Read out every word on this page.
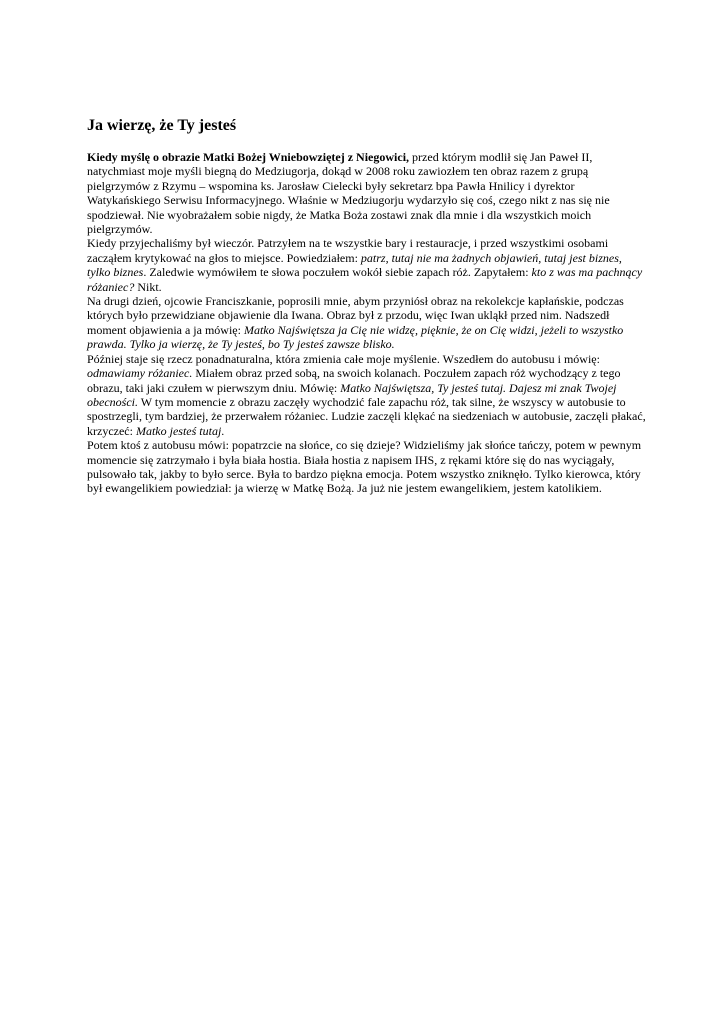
Ja wierzę, że Ty jesteś

Kiedy myślę o obrazie Matki Bożej Wniebowziętej z Niegowici, przed którym modlił się Jan Paweł II, natychmiast moje myśli biegną do Medziugorja, dokąd w 2008 roku zawiozłem ten obraz razem z grupą pielgrzymów z Rzymu – wspomina ks. Jarosław Cielecki były sekretarz bpa Pawła Hnilicy i dyrektor Watykańskiego Serwisu Informacyjnego. Właśnie w Medziugorju wydarzyło się coś, czego nikt z nas się nie spodziewał. Nie wyobrażałem sobie nigdy, że Matka Boża zostawi znak dla mnie i dla wszystkich moich pielgrzymów.

Kiedy przyjechaliśmy był wieczór. Patrzyłem na te wszystkie bary i restauracje, i przed wszystkimi osobami zacząłem krytykować na głos to miejsce. Powiedziałem: patrz, tutaj nie ma żadnych objawień, tutaj jest biznes, tylko biznes. Zaledwie wymówiłem te słowa poczułem wokół siebie zapach róż. Zapytałem: kto z was ma pachnący różaniec? Nikt.

Na drugi dzień, ojcowie Franciszkanie, poprosili mnie, abym przyniósł obraz na rekolekcje kapłańskie, podczas których było przewidziane objawienie dla Iwana. Obraz był z przodu, więc Iwan ukląkł przed nim. Nadszedł moment objawienia a ja mówię: Matko Najświętsza ja Cię nie widzę, pięknie, że on Cię widzi, jeżeli to wszystko prawda. Tylko ja wierzę, że Ty jesteś, bo Ty jesteś zawsze blisko.

Później staje się rzecz ponadnaturalna, która zmienia całe moje myślenie. Wszedłem do autobusu i mówię: odmawiamy różaniec. Miałem obraz przed sobą, na swoich kolanach. Poczułem zapach róż wychodzący z tego obrazu, taki jaki czułem w pierwszym dniu. Mówię: Matko Najświętsza, Ty jesteś tutaj. Dajesz mi znak Twojej obecności. W tym momencie z obrazu zaczęły wychodzić fale zapachu róż, tak silne, że wszyscy w autobusie to spostrzegli, tym bardziej, że przerwałem różaniec. Ludzie zaczęli klękać na siedzeniach w autobusie, zaczęli płakać, krzyczeć: Matko jesteś tutaj.

Potem ktoś z autobusu mówi: popatrzcie na słońce, co się dzieje? Widzieliśmy jak słońce tańczy, potem w pewnym momencie się zatrzymało i była biała hostia. Biała hostia z napisem IHS, z rękami które się do nas wyciągały, pulsowało tak, jakby to było serce. Była to bardzo piękna emocja. Potem wszystko zniknęło. Tylko kierowca, który był ewangelikiem powiedział: ja wierzę w Matkę Bożą. Ja już nie jestem ewangelikiem, jestem katolikiem.
